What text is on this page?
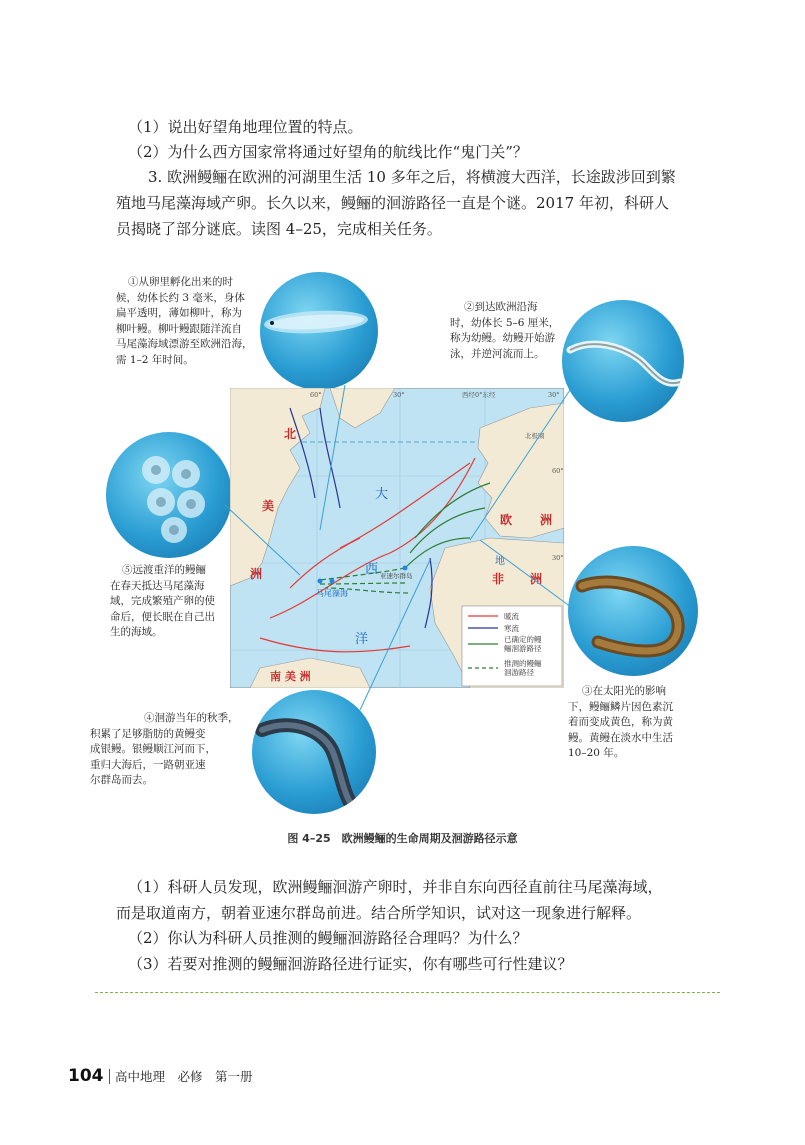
（1）说出好望角地理位置的特点。
（2）为什么西方国家常将通过好望角的航线比作“鬼门关”？
3. 欧洲鳗鲡在欧洲的河湖里生活 10 多年之后，将横渡大西洋，长途跋涉回到繁
殖地马尾藻海域产卵。长久以来，鳗鲡的洄游路径一直是个谜。2017 年初，科研人
员揭晓了部分谜底。读图 4–25，完成相关任务。
①从卵里孵化出来的时
候，幼体长约 3 毫米，身体
扁平透明，薄如柳叶，称为
柳叶鳗。柳叶鳗跟随洋流自
马尾藻海域漂游至欧洲沿海，
需 1–2 年时间。
②到达欧洲沿海
时，幼体长 5–6 厘米，
称为幼鳗。幼鳗开始游
泳，并逆河流而上。
⑤远渡重洋的鳗鲡
在春天抵达马尾藻海
域，完成繁殖产卵的使
命后，便长眠在自己出
生的海域。
③在太阳光的影响
下，鳗鲡鳞片因色素沉
着而变成黄色，称为黄
鳗。黄鳗在淡水中生活
10–20 年。
④洄游当年的秋季，
积累了足够脂肪的黄鳗变
成银鳗。银鳗顺江河而下，
重归大海后，一路朝亚速
尔群岛而去。
北
美
洲
大
西
洋
欧 洲
非 洲
地
南 美 洲
马尾藻海
亚速尔群岛
北极圈
西经0°东经
60°	30°	30°
60°
30°
暖流
寒流
已确定的鳗
鲡洄游路径
推测的鳗鲡
洄游路径
图 4–25　欧洲鳗鲡的生命周期及洄游路径示意
（1）科研人员发现，欧洲鳗鲡洄游产卵时，并非自东向西径直前往马尾藻海域，
而是取道南方，朝着亚速尔群岛前进。结合所学知识，试对这一现象进行解释。
（2）你认为科研人员推测的鳗鲡洄游路径合理吗？为什么？
（3）若要对推测的鳗鲡洄游路径进行证实，你有哪些可行性建议？
104 高中地理　必修　第一册
